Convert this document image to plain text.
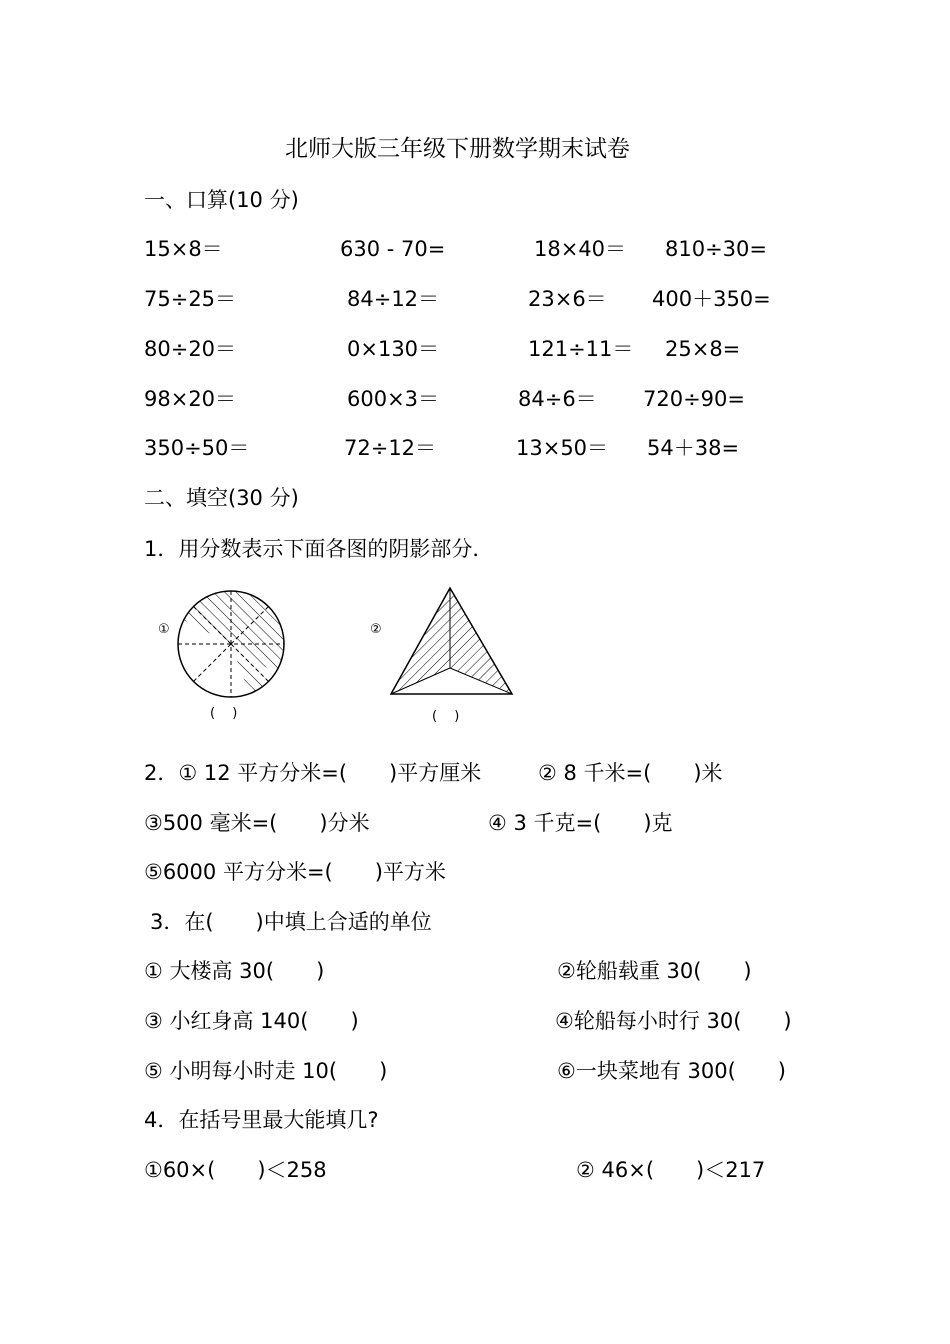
北师大版三年级下册数学期末试卷
一、口算(10 分)
15×8＝	630 - 70=	18×40＝ 810÷30=
75÷25＝	84÷12＝	23×6＝ 400＋350=
80÷20＝	0×130＝	121÷11＝ 25×8=
98×20＝	600×3＝	84÷6＝ 720÷90=
350÷50＝	72÷12＝	13×50＝ 54＋38=
二、填空(30 分)
1．用分数表示下面各图的阴影部分．
①
(　 )
②
(　 )
2．① 12 平方分米=(　　)平方厘米	② 8 千米=(　　)米
③500 毫米=(　　)分米	④ 3 千克=(　　)克
⑤6000 平方分米=(　　)平方米
3．在(　　)中填上合适的单位
① 大楼高 30(　　)	②轮船载重 30(　　)
③ 小红身高 140(　　)	④轮船每小时行 30(　　)
⑤ 小明每小时走 10(　　)	⑥一块菜地有 300(　　)
4．在括号里最大能填几?
①60×(　　)＜258	② 46×(　　)＜217
